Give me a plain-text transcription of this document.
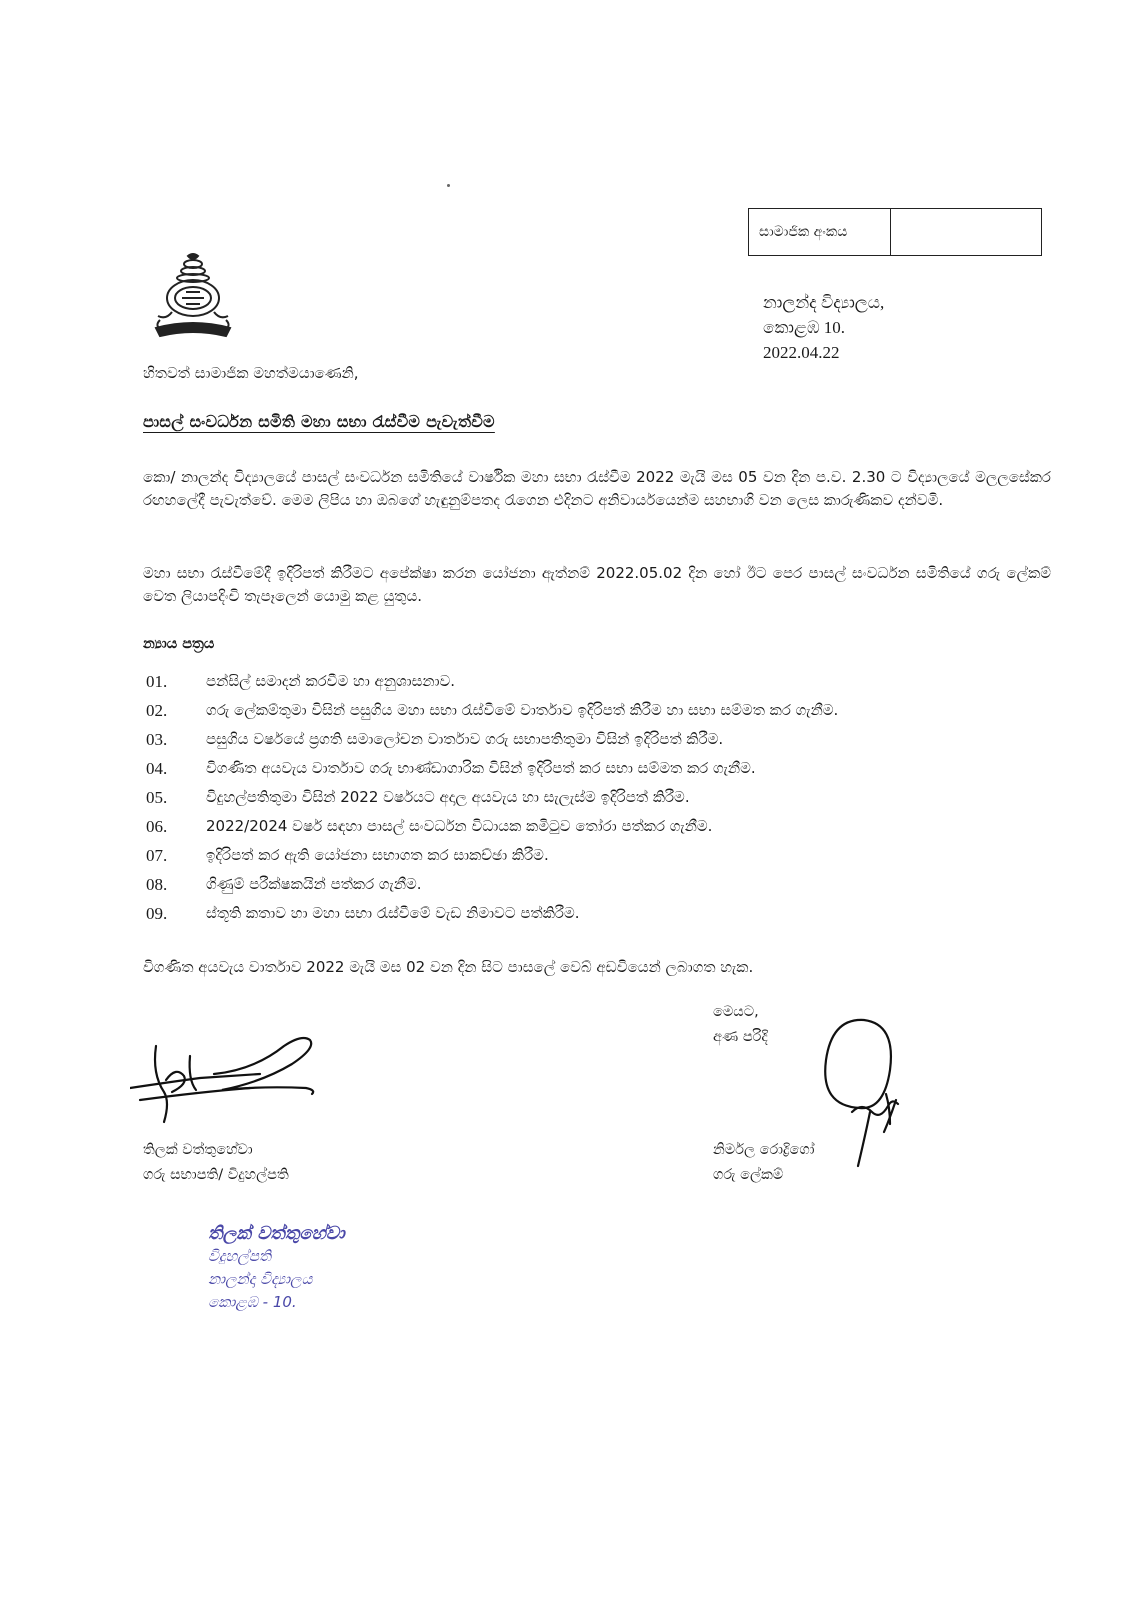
සාමාජික අංකය
නාලන්ද විද්‍යාලය,
කොළඹ 10.
2022.04.22
හිතවත් සාමාජික මහත්මයාණෙනි,
පාසල් සංවර්ධන සමිති මහා සභා රැස්වීම පැවැත්වීම
කො/ නාලන්ද විද්‍යාලයේ පාසල් සංවර්ධන සමිතියේ වාර්ෂික මහා සභා රැස්වීම 2022 මැයි මස 05 වන දින ප.ව. 2.30 ට විද්‍යාලයේ මලලසේකර රඟහලේදී පැවැත්වේ. මෙම ලිපිය හා ඔබගේ හැඳුනුම්පතද රැගෙන එදිනට අනිවාර්යයෙන්ම සහභාගි වන ලෙස කාරුණිකව දන්වමි.
මහා සභා රැස්වීමේදී ඉදිරිපත් කිරීමට අපේක්ෂා කරන යෝජනා ඇත්නම් 2022.05.02 දින හෝ ඊට පෙර පාසල් සංවර්ධන සමිතියේ ගරු ලේකම් වෙත ලියාපදිංචි තැපෑලෙන් යොමු කළ යුතුය.
න්‍යාය පත්‍රය
01.	පන්සිල් සමාදන් කරවීම හා අනුශාසනාව.
02.	ගරු ලේකම්තුමා විසින් පසුගිය මහා සභා රැස්වීමේ වාර්තාව ඉදිරිපත් කිරීම හා සභා සම්මත කර ගැනීම.
03.	පසුගිය වර්ෂයේ ප්‍රගති සමාලෝචන වාර්තාව ගරු සභාපතිතුමා විසින් ඉදිරිපත් කිරීම.
04.	විගණිත අයවැය වාර්තාව ගරු භාණ්ඩාගාරික විසින් ඉදිරිපත් කර සභා සම්මත කර ගැනීම.
05.	විදුහල්පතිතුමා විසින් 2022 වර්ෂයට අදාල අයවැය හා සැලැස්ම ඉදිරිපත් කිරීම.
06.	2022/2024 වර්ෂ සඳහා පාසල් සංවර්ධන විධායක කමිටුව තෝරා පත්කර ගැනීම.
07.	ඉදිරිපත් කර ඇති යෝජනා සභාගත කර සාකච්ඡා කිරීම.
08.	ගිණුම් පරීක්ෂකයින් පත්කර ගැනීම.
09.	ස්තූති කතාව හා මහා සභා රැස්වීමේ වැඩ නිමාවට පත්කිරීම.
විගණිත අයවැය වාර්තාව 2022 මැයි මස 02 වන දින සිට පාසලේ වෙබ් අඩවියෙන් ලබාගත හැක.
මෙයට,
අණ පරිදි
තිලක් වත්තුහේවා
ගරු සභාපති/ විදුහල්පති
නිර්මල රොද්‍රිගෝ
ගරු ලේකම්
තිලක් වත්තුහේවා
විදුහල්පති
නාලන්දා විද්‍යාලය
කොළඹ - 10.
